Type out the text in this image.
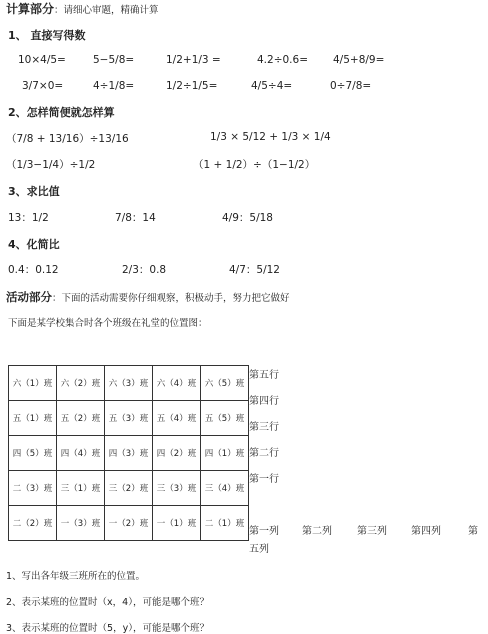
计算部分：请细心审题，精确计算
1、 直接写得数
10×4/5=	5−5/8=	1/2+1/3 =	4.2÷0.6= 4/5+8/9=
3/7×0=	4÷1/8=	1/2÷1/5=	4/5÷4=	0÷7/8=
2、怎样简便就怎样算
（7/8 + 13/16）÷13/16	1/3 × 5/12 + 1/3 × 1/4
（1/3−1/4）÷1/2	（1 + 1/2）÷（1−1/2）
3、求比值
13：1/2	7/8：14	4/9：5/18
4、化简比
0.4：0.12	2/3：0.8	4/7：5/12
活动部分：下面的活动需要你仔细观察，积极动手，努力把它做好
下面是某学校集合时各个班级在礼堂的位置图：
六（1）班	六（2）班	六（3）班	六（4）班	六（5）班
五（1）班	五（2）班	五（3）班	五（4）班	五（5）班
四（5）班	四（4）班	四（3）班	四（2）班	四（1）班
二（3）班	三（1）班	三（2）班	三（3）班	三（4）班
二（2）班	一（3）班	一（2）班	一（1）班	二（1）班
第五行
第四行
第三行
第二行
第一行
第一列 第二列	第三列 第四列	第
五列
1、写出各年级三班所在的位置。
2、表示某班的位置时（x，4），可能是哪个班？
3、表示某班的位置时（5，y），可能是哪个班？
